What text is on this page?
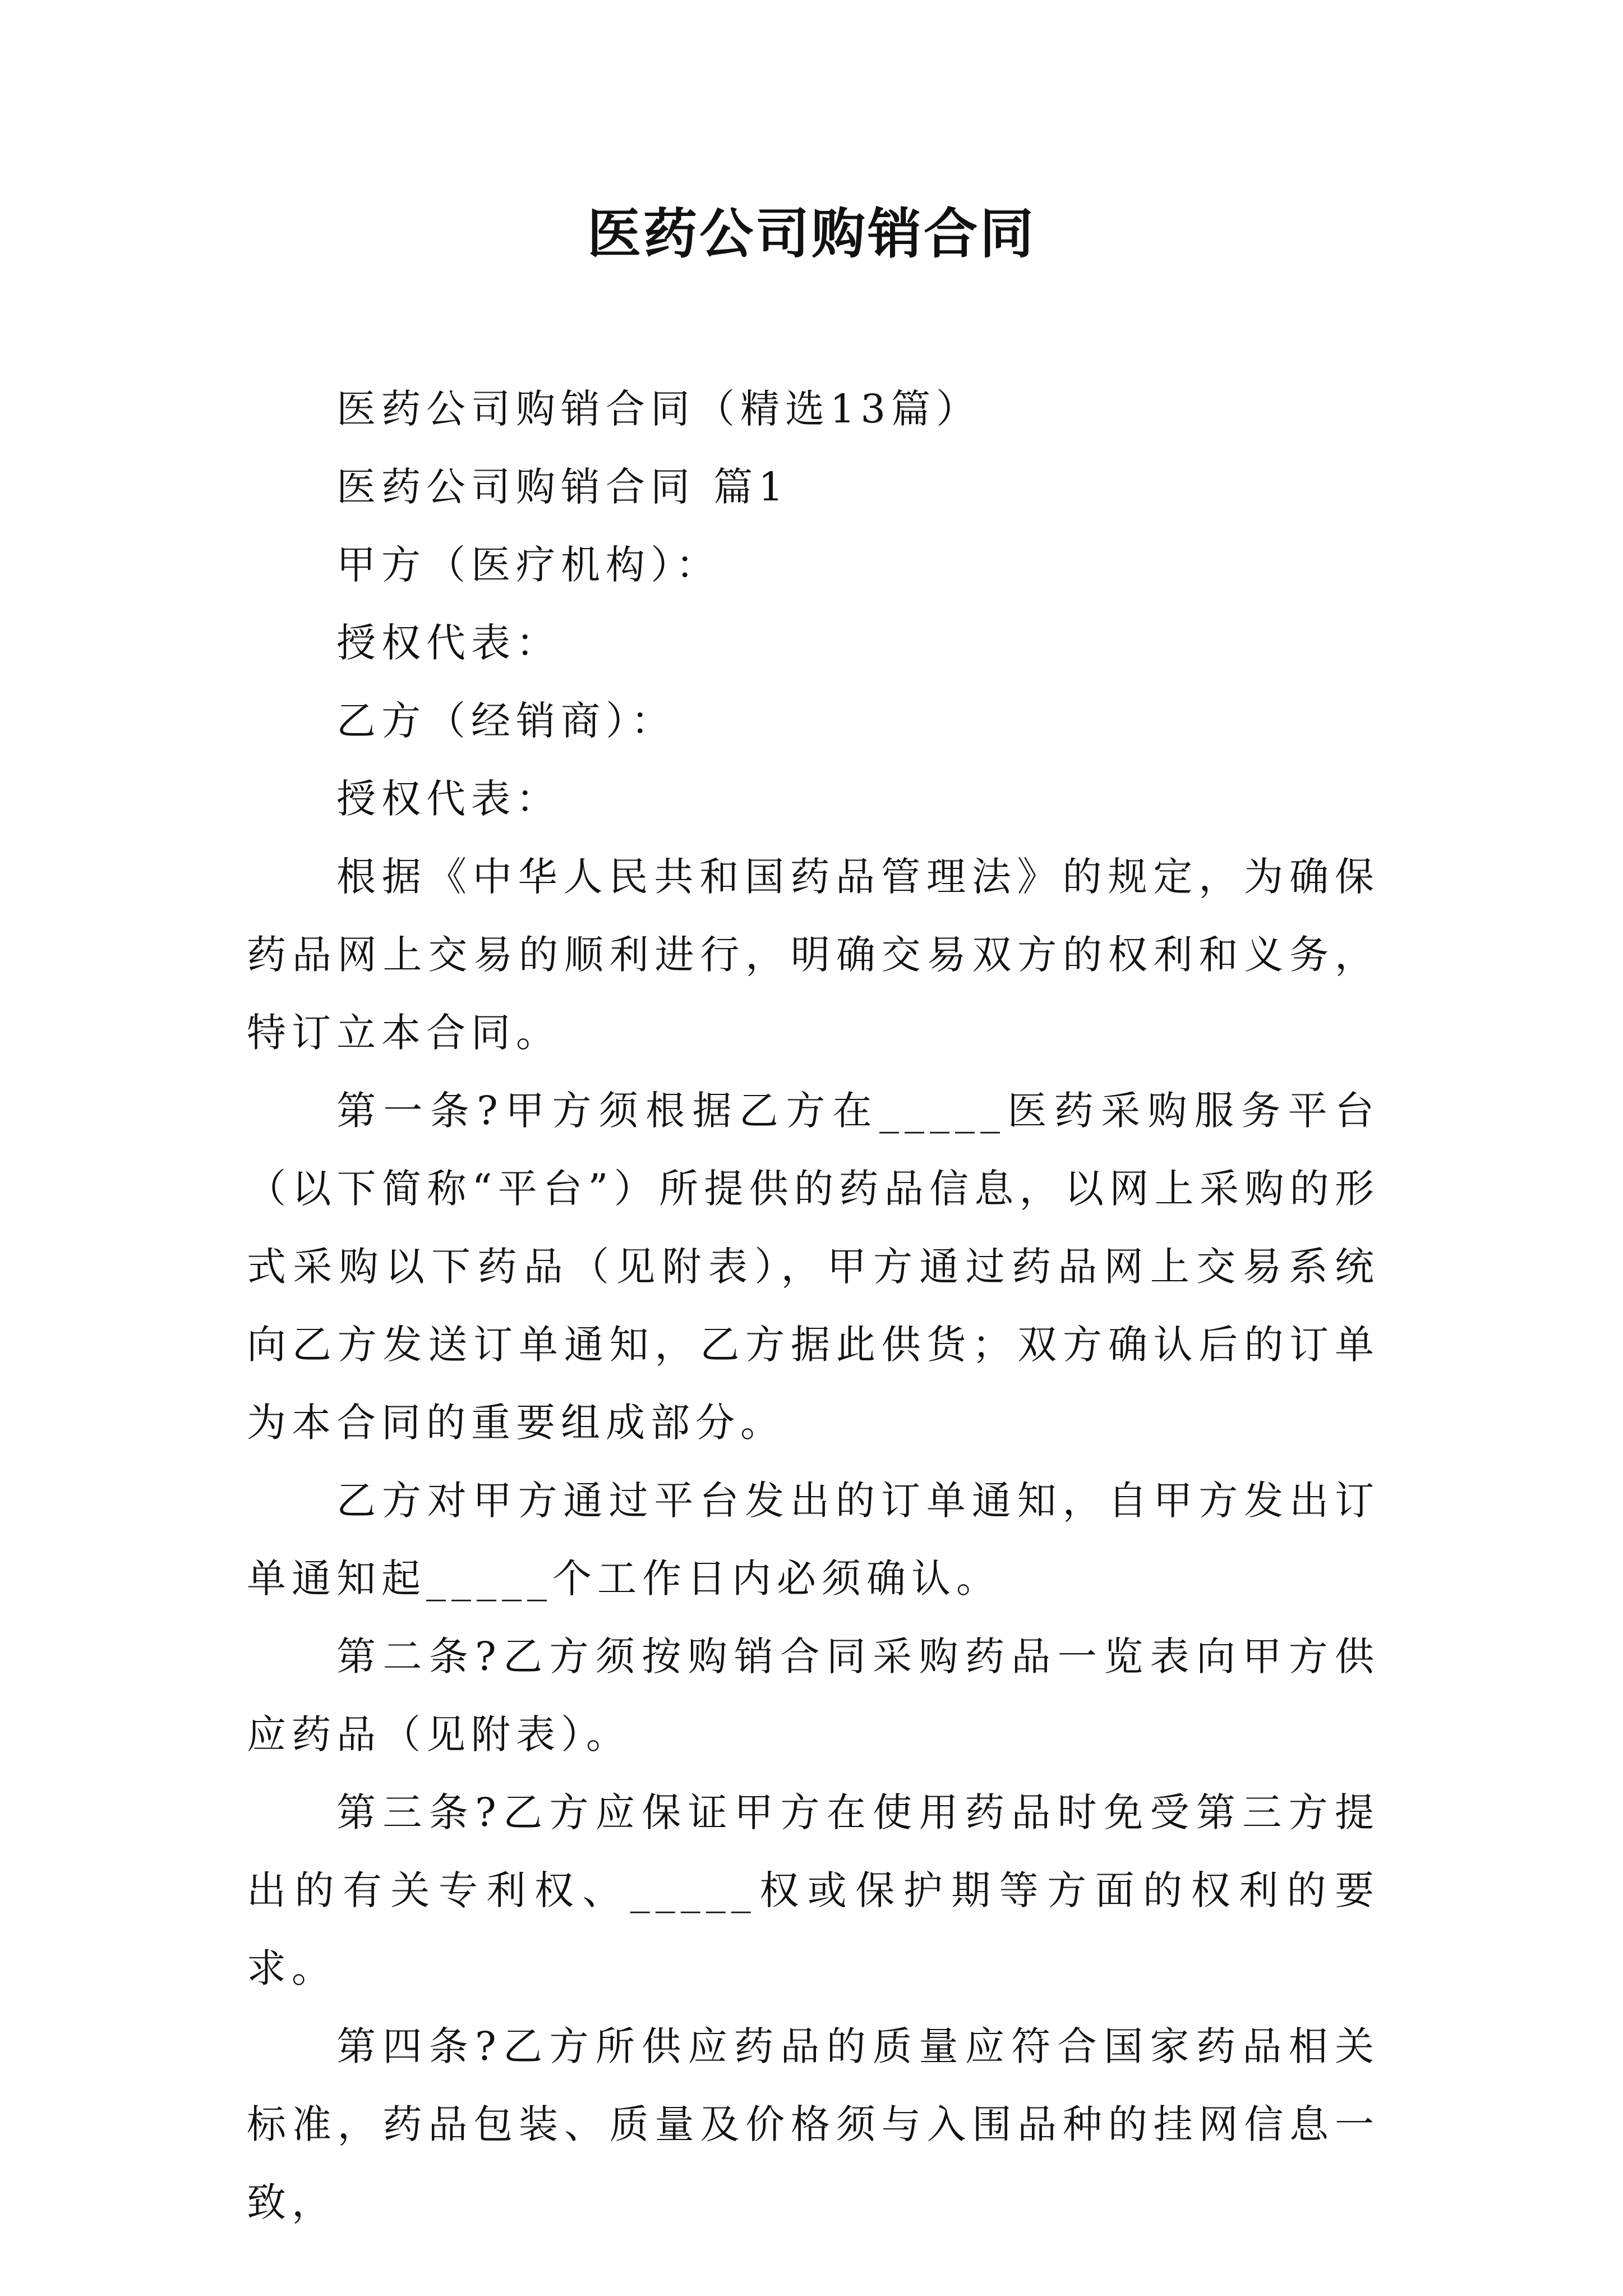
医药公司购销合同

医药公司购销合同（精选13篇）

医药公司购销合同 篇1

甲方（医疗机构）：

授权代表：

乙方（经销商）：

授权代表：

根据《中华人民共和国药品管理法》的规定，为确保药品网上交易的顺利进行，明确交易双方的权利和义务，特订立本合同。

第一条?甲方须根据乙方在_____医药采购服务平台（以下简称“平台”）所提供的药品信息，以网上采购的形式采购以下药品（见附表），甲方通过药品网上交易系统向乙方发送订单通知，乙方据此供货；双方确认后的订单为本合同的重要组成部分。

乙方对甲方通过平台发出的订单通知，自甲方发出订单通知起_____个工作日内必须确认。

第二条?乙方须按购销合同采购药品一览表向甲方供应药品（见附表）。

第三条?乙方应保证甲方在使用药品时免受第三方提出的有关专利权、_____权或保护期等方面的权利的要求。

第四条?乙方所供应药品的质量应符合国家药品相关标准，药品包装、质量及价格须与入围品种的挂网信息一致，
